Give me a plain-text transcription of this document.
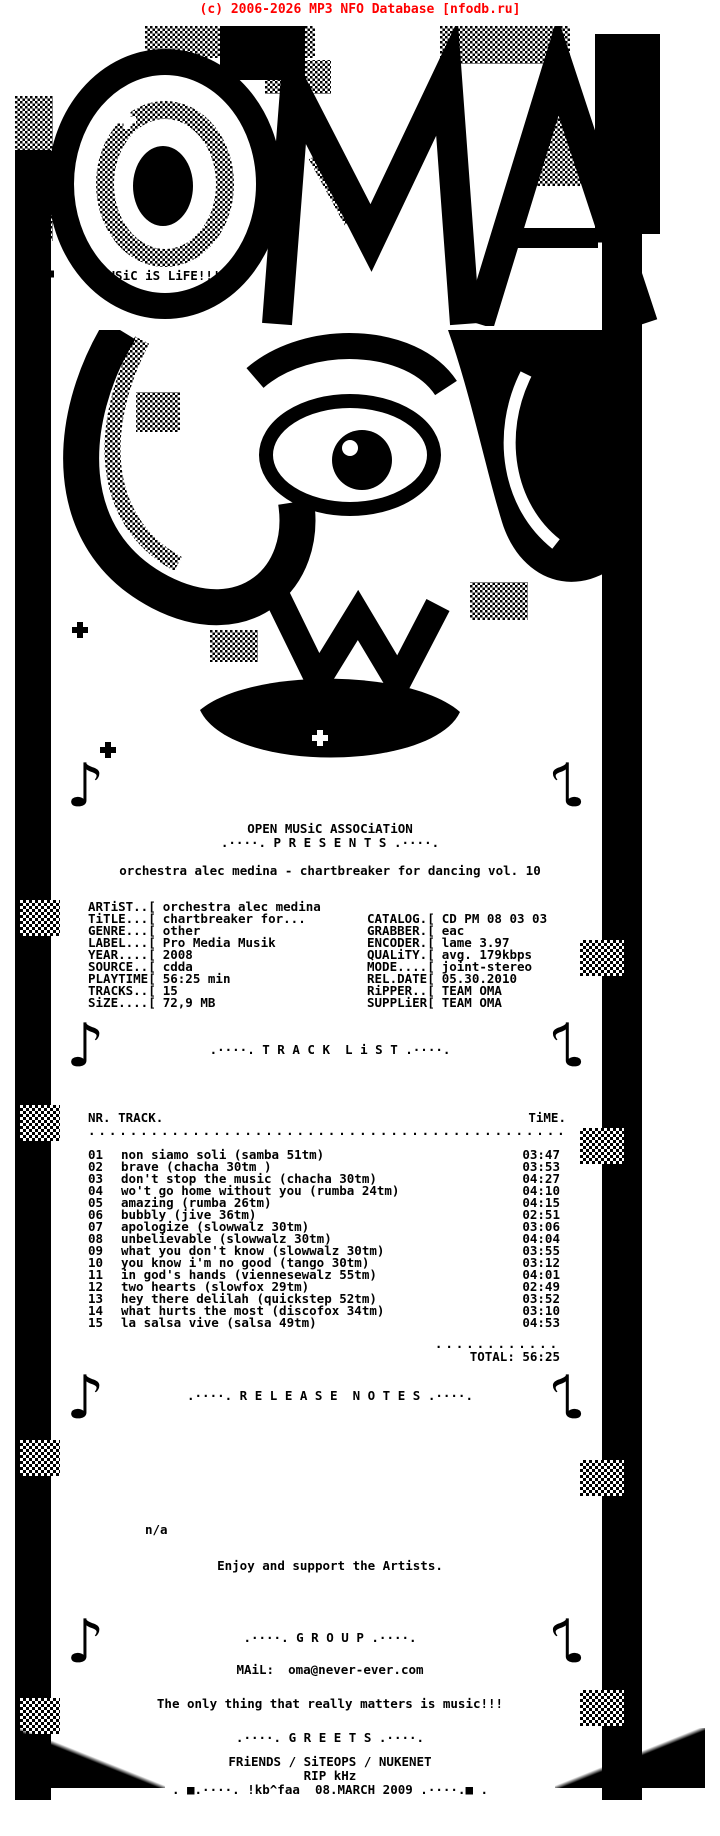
(c) 2006-2026 MP3 NFO Database [nfodb.ru]
MUSiC iS LiFE!!!
♪	♪
OPEN MUSiC ASSOCiATiON
.····. P R E S E N T S .····.
orchestra alec medina - chartbreaker for dancing vol. 10
ARTiST..[ orchestra alec medina
TiTLE...[ chartbreaker for...
GENRE...[ other
LABEL...[ Pro Media Musik
YEAR....[ 2008
SOURCE..[ cdda
PLAYTIME[ 56:25 min
TRACKS..[ 15
SiZE....[ 72,9 MB
CATALOG.[ CD PM 08 03 03
GRABBER.[ eac
ENCODER.[ lame 3.97
QUALiTY.[ avg. 179kbps
MODE....[ joint-stereo
REL.DATE[ 05.30.2010
RiPPER..[ TEAM OMA
SUPPLiER[ TEAM OMA
♪	♪
.····. T R A C K  L i S T .····.
NR. TRACK.	TiME.
..............................................
01	non siamo soli (samba 51tm)	03:47
02	brave (chacha 30tm )	03:53
03	don't stop the music (chacha 30tm)	04:27
04	wo't go home without you (rumba 24tm)	04:10
05	amazing (rumba 26tm)	04:15
06	bubbly (jive 36tm)	02:51
07	apologize (slowwalz 30tm)	03:06
08	unbelievable (slowwalz 30tm)	04:04
09	what you don't know (slowwalz 30tm)	03:55
10	you know i'm no good (tango 30tm)	03:12
11	in god's hands (viennesewalz 55tm)	04:01
12	two hearts (slowfox 29tm)	02:49
13	hey there delilah (quickstep 52tm)	03:52
14	what hurts the most (discofox 34tm)	03:10
15	la salsa vive (salsa 49tm)	04:53
............
TOTAL: 56:25
♪	♪
.····. R E L E A S E  N O T E S .····.
n/a
Enjoy and support the Artists.
♪	♪
.····. G R O U P .····.
MAiL: oma@never-ever.com
The only thing that really matters is music!!!
.····. G R E E T S .····.
FRiENDS / SiTEOPS / NUKENET
RIP kHz
. ■.····. !kb^faa  08.MARCH 2009 .····.■ .
